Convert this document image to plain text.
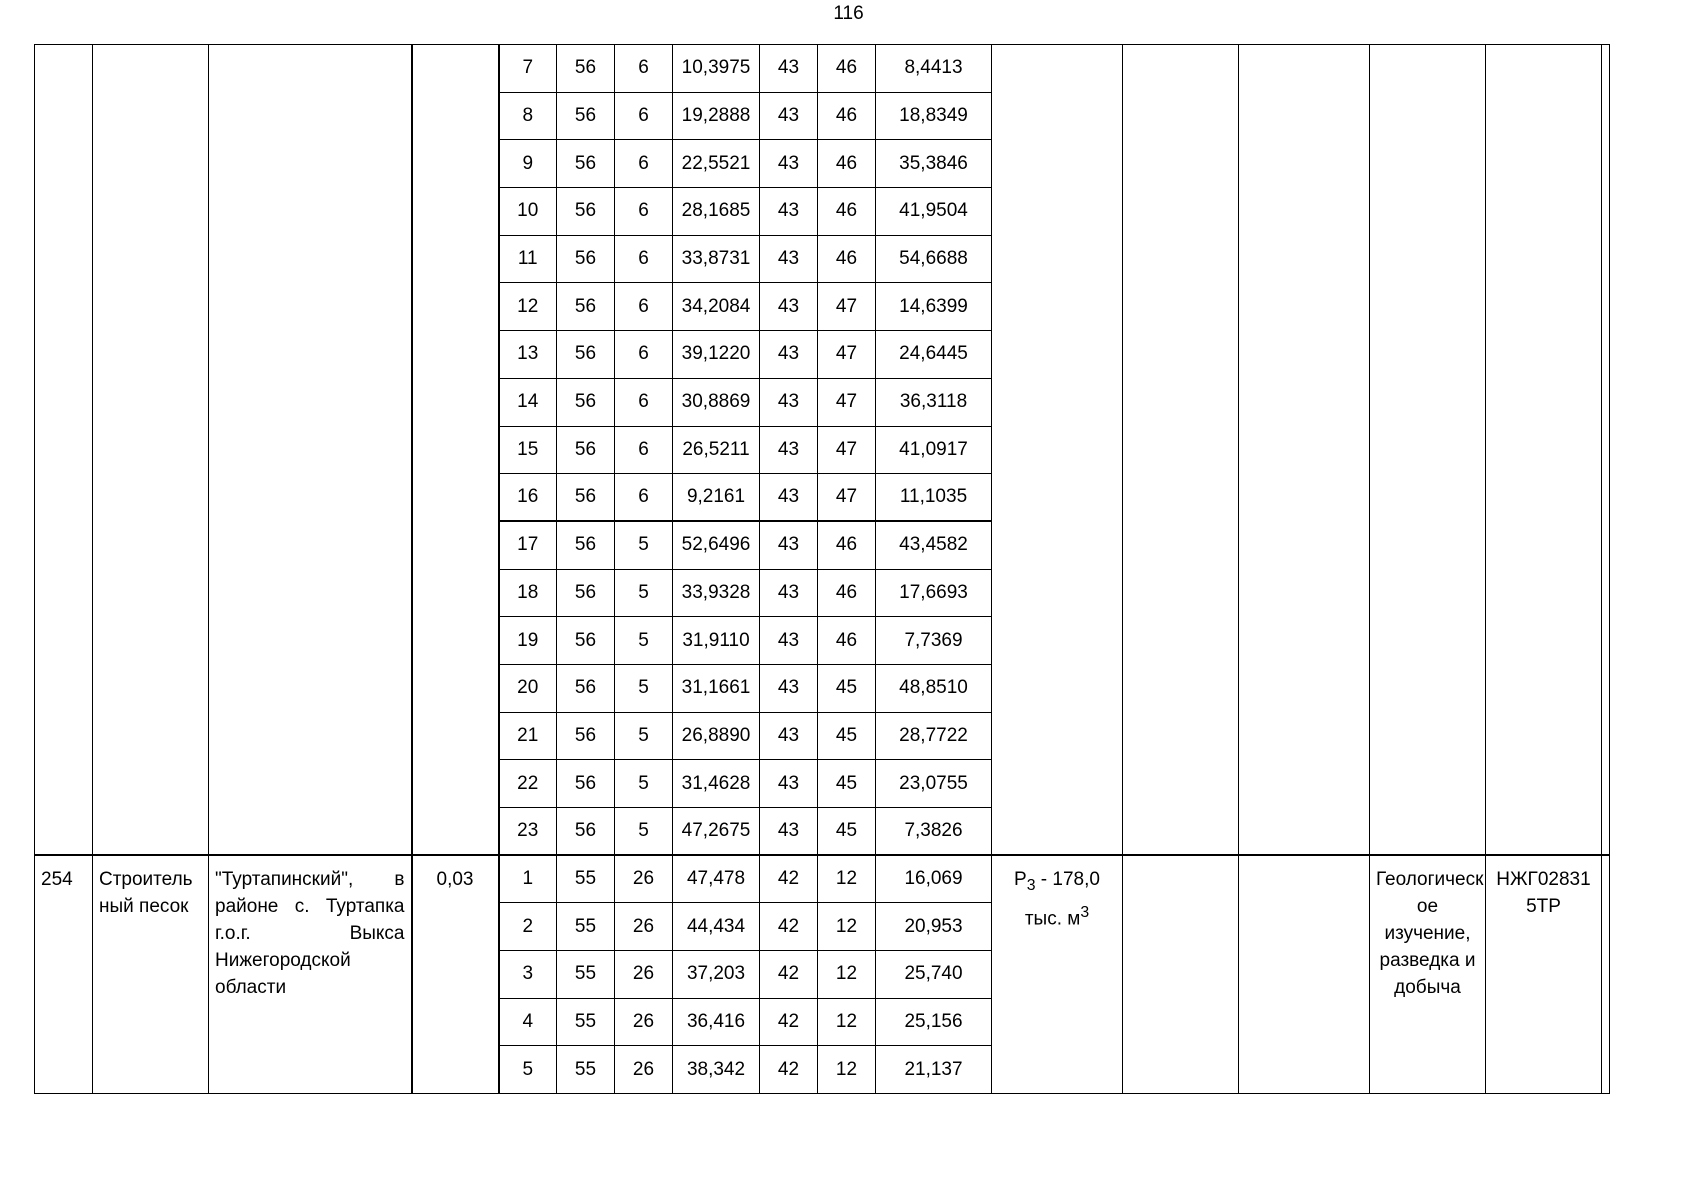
116
				7	56	6	10,3975	43	46	8,4413						
				8	56	6	19,2888	43	46	18,8349						
				9	56	6	22,5521	43	46	35,3846						
				10	56	6	28,1685	43	46	41,9504						
				11	56	6	33,8731	43	46	54,6688						
				12	56	6	34,2084	43	47	14,6399						
				13	56	6	39,1220	43	47	24,6445						
				14	56	6	30,8869	43	47	36,3118						
				15	56	6	26,5211	43	47	41,0917						
				16	56	6	9,2161	43	47	11,1035						
				17	56	5	52,6496	43	46	43,4582						
				18	56	5	33,9328	43	46	17,6693						
				19	56	5	31,9110	43	46	7,7369						
				20	56	5	31,1661	43	45	48,8510						
				21	56	5	26,8890	43	45	28,7722						
				22	56	5	31,4628	43	45	23,0755						
				23	56	5	47,2675	43	45	7,3826						
254	Строитель ный песок	"Туртапинский", в районе с. Туртапка г.о.г. Выкса Нижегородской области	0,03	1	55	26	47,478	42	12	16,069	$P_3 - 178,0$ тыс. $м^3$			Геологическ ое изучение, разведка и добыча	НЖГ02831 5ТР	
				2	55	26	44,434	42	12	20,953						
				3	55	26	37,203	42	12	25,740						
				4	55	26	36,416	42	12	25,156						
				5	55	26	38,342	42	12	21,137						
